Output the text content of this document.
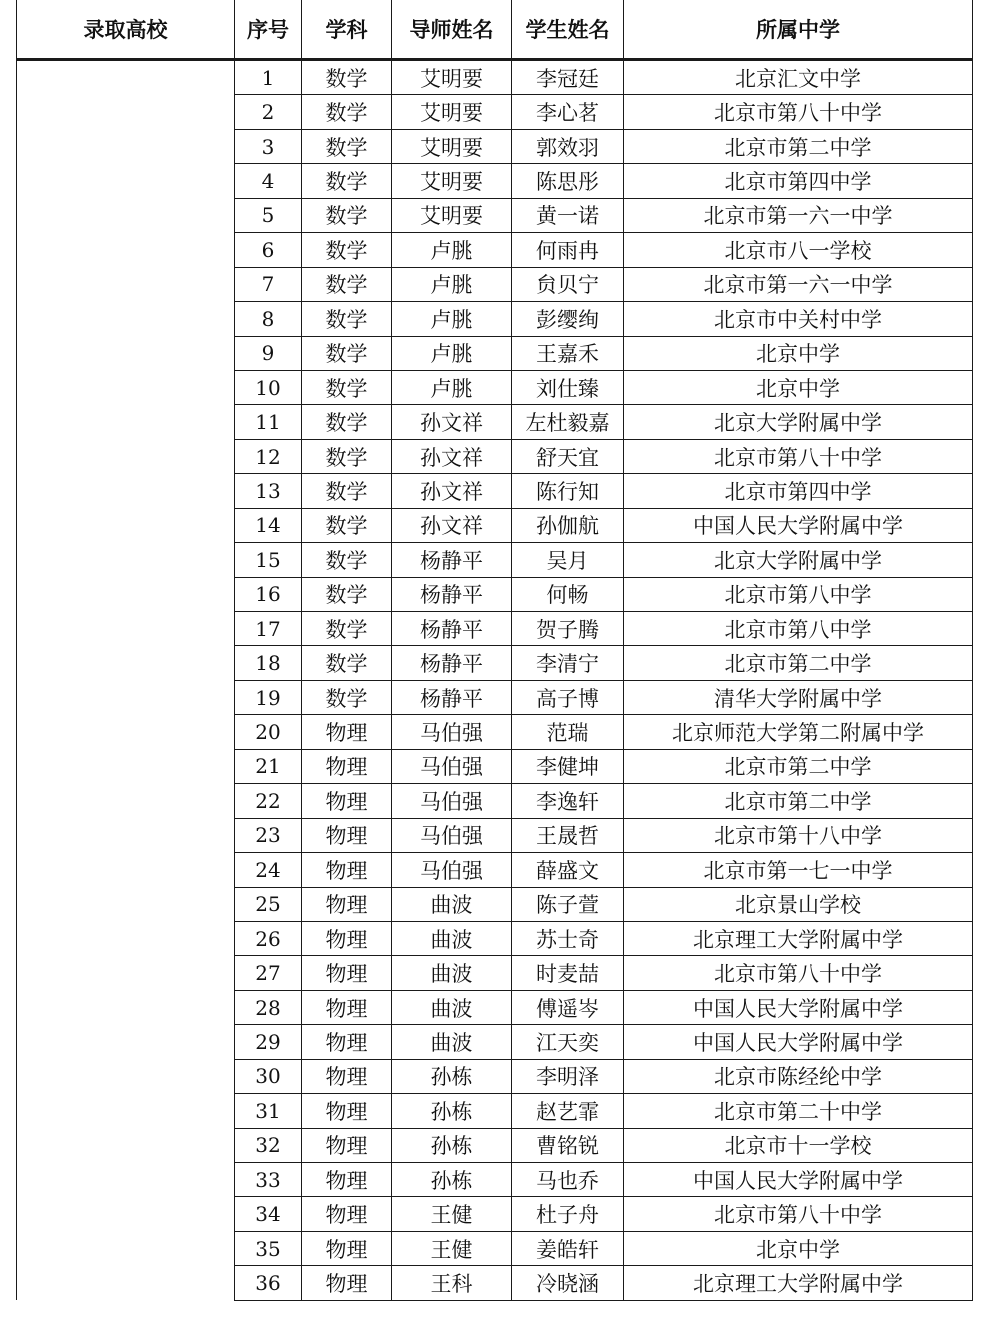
录取高校	序号	学科	导师姓名	学生姓名	所属中学
	1	数学	艾明要	李冠廷	北京汇文中学
	2	数学	艾明要	李心茗	北京市第八十中学
	3	数学	艾明要	郭效羽	北京市第二中学
	4	数学	艾明要	陈思彤	北京市第四中学
	5	数学	艾明要	黄一诺	北京市第一六一中学
	6	数学	卢朓	何雨冉	北京市八一学校
	7	数学	卢朓	贠贝宁	北京市第一六一中学
	8	数学	卢朓	彭缨绚	北京市中关村中学
	9	数学	卢朓	王嘉禾	北京中学
	10	数学	卢朓	刘仕臻	北京中学
	11	数学	孙文祥	左杜毅嘉	北京大学附属中学
	12	数学	孙文祥	舒天宜	北京市第八十中学
	13	数学	孙文祥	陈行知	北京市第四中学
	14	数学	孙文祥	孙伽航	中国人民大学附属中学
	15	数学	杨静平	吴月	北京大学附属中学
	16	数学	杨静平	何畅	北京市第八中学
	17	数学	杨静平	贺子腾	北京市第八中学
	18	数学	杨静平	李清宁	北京市第二中学
	19	数学	杨静平	高子博	清华大学附属中学
	20	物理	马伯强	范瑞	北京师范大学第二附属中学
	21	物理	马伯强	李健坤	北京市第二中学
	22	物理	马伯强	李逸轩	北京市第二中学
	23	物理	马伯强	王晟哲	北京市第十八中学
	24	物理	马伯强	薛盛文	北京市第一七一中学
	25	物理	曲波	陈子萱	北京景山学校
	26	物理	曲波	苏士奇	北京理工大学附属中学
	27	物理	曲波	时麦喆	北京市第八十中学
	28	物理	曲波	傅遥岑	中国人民大学附属中学
	29	物理	曲波	江天奕	中国人民大学附属中学
	30	物理	孙栋	李明泽	北京市陈经纶中学
	31	物理	孙栋	赵艺霏	北京市第二十中学
	32	物理	孙栋	曹铭锐	北京市十一学校
	33	物理	孙栋	马也乔	中国人民大学附属中学
	34	物理	王健	杜子舟	北京市第八十中学
	35	物理	王健	姜皓轩	北京中学
	36	物理	王科	冷晓涵	北京理工大学附属中学
